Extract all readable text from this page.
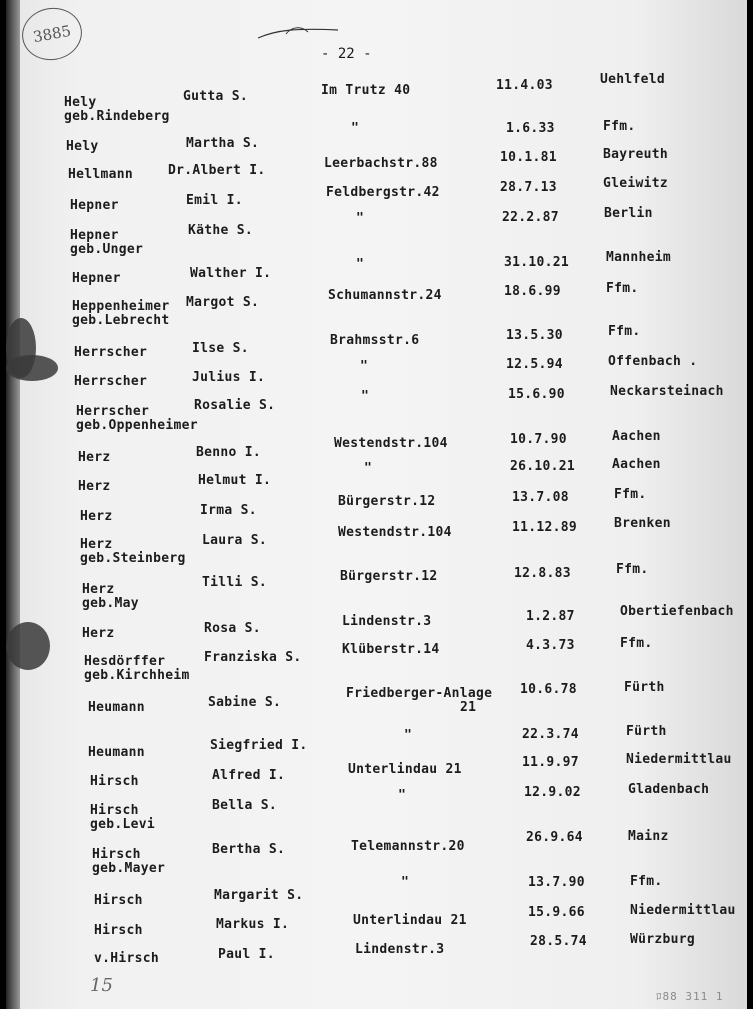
3885
- 22 -
Hely
geb.Rindeberg
Hely
Hellmann
Hepner
Hepner
geb.Unger
Hepner
Heppenheimer
geb.Lebrecht
Herrscher
Herrscher
Herrscher
geb.Oppenheimer
Herz
Herz
Herz
Herz
geb.Steinberg
Herz
geb.May
Herz
Hesdörffer
geb.Kirchheim
Heumann
Heumann
Hirsch
Hirsch
geb.Levi
Hirsch
geb.Mayer
Hirsch
Hirsch
v.Hirsch
Gutta S.
Martha S.
Dr.Albert I.
Emil I.
Käthe S.
Walther I.
Margot S.
Ilse S.
Julius I.
Rosalie S.
Benno I.
Helmut I.
Irma S.
Laura S.
Tilli S.
Rosa S.
Franziska S.
Sabine S.
Siegfried I.
Alfred I.
Bella S.
Bertha S.
Margarit S.
Markus I.
Paul I.
Im Trutz 40
"
Leerbachstr.88
Feldbergstr.42
"
"
Schumannstr.24
Brahmsstr.6
"
"
Westendstr.104
"
Bürgerstr.12
Westendstr.104
Bürgerstr.12
Lindenstr.3
Klüberstr.14
Friedberger-Anlage
21
"
Unterlindau 21
"
Telemannstr.20
"
Unterlindau 21
Lindenstr.3
11.4.03
1.6.33
10.1.81
28.7.13
22.2.87
31.10.21
18.6.99
13.5.30
12.5.94
15.6.90
10.7.90
26.10.21
13.7.08
11.12.89
12.8.83
1.2.87
4.3.73
10.6.78
22.3.74
11.9.97
12.9.02
26.9.64
13.7.90
15.9.66
28.5.74
Uehlfeld
Ffm.
Bayreuth
Gleiwitz
Berlin
Mannheim
Ffm.
Ffm.
Offenbach .
Neckarsteinach
Aachen
Aachen
Ffm.
Brenken
Ffm.
Obertiefenbach
Ffm.
Fürth
Fürth
Niedermittlau
Gladenbach
Mainz
Ffm.
Niedermittlau
Würzburg
15
ﾛ88 311 1
